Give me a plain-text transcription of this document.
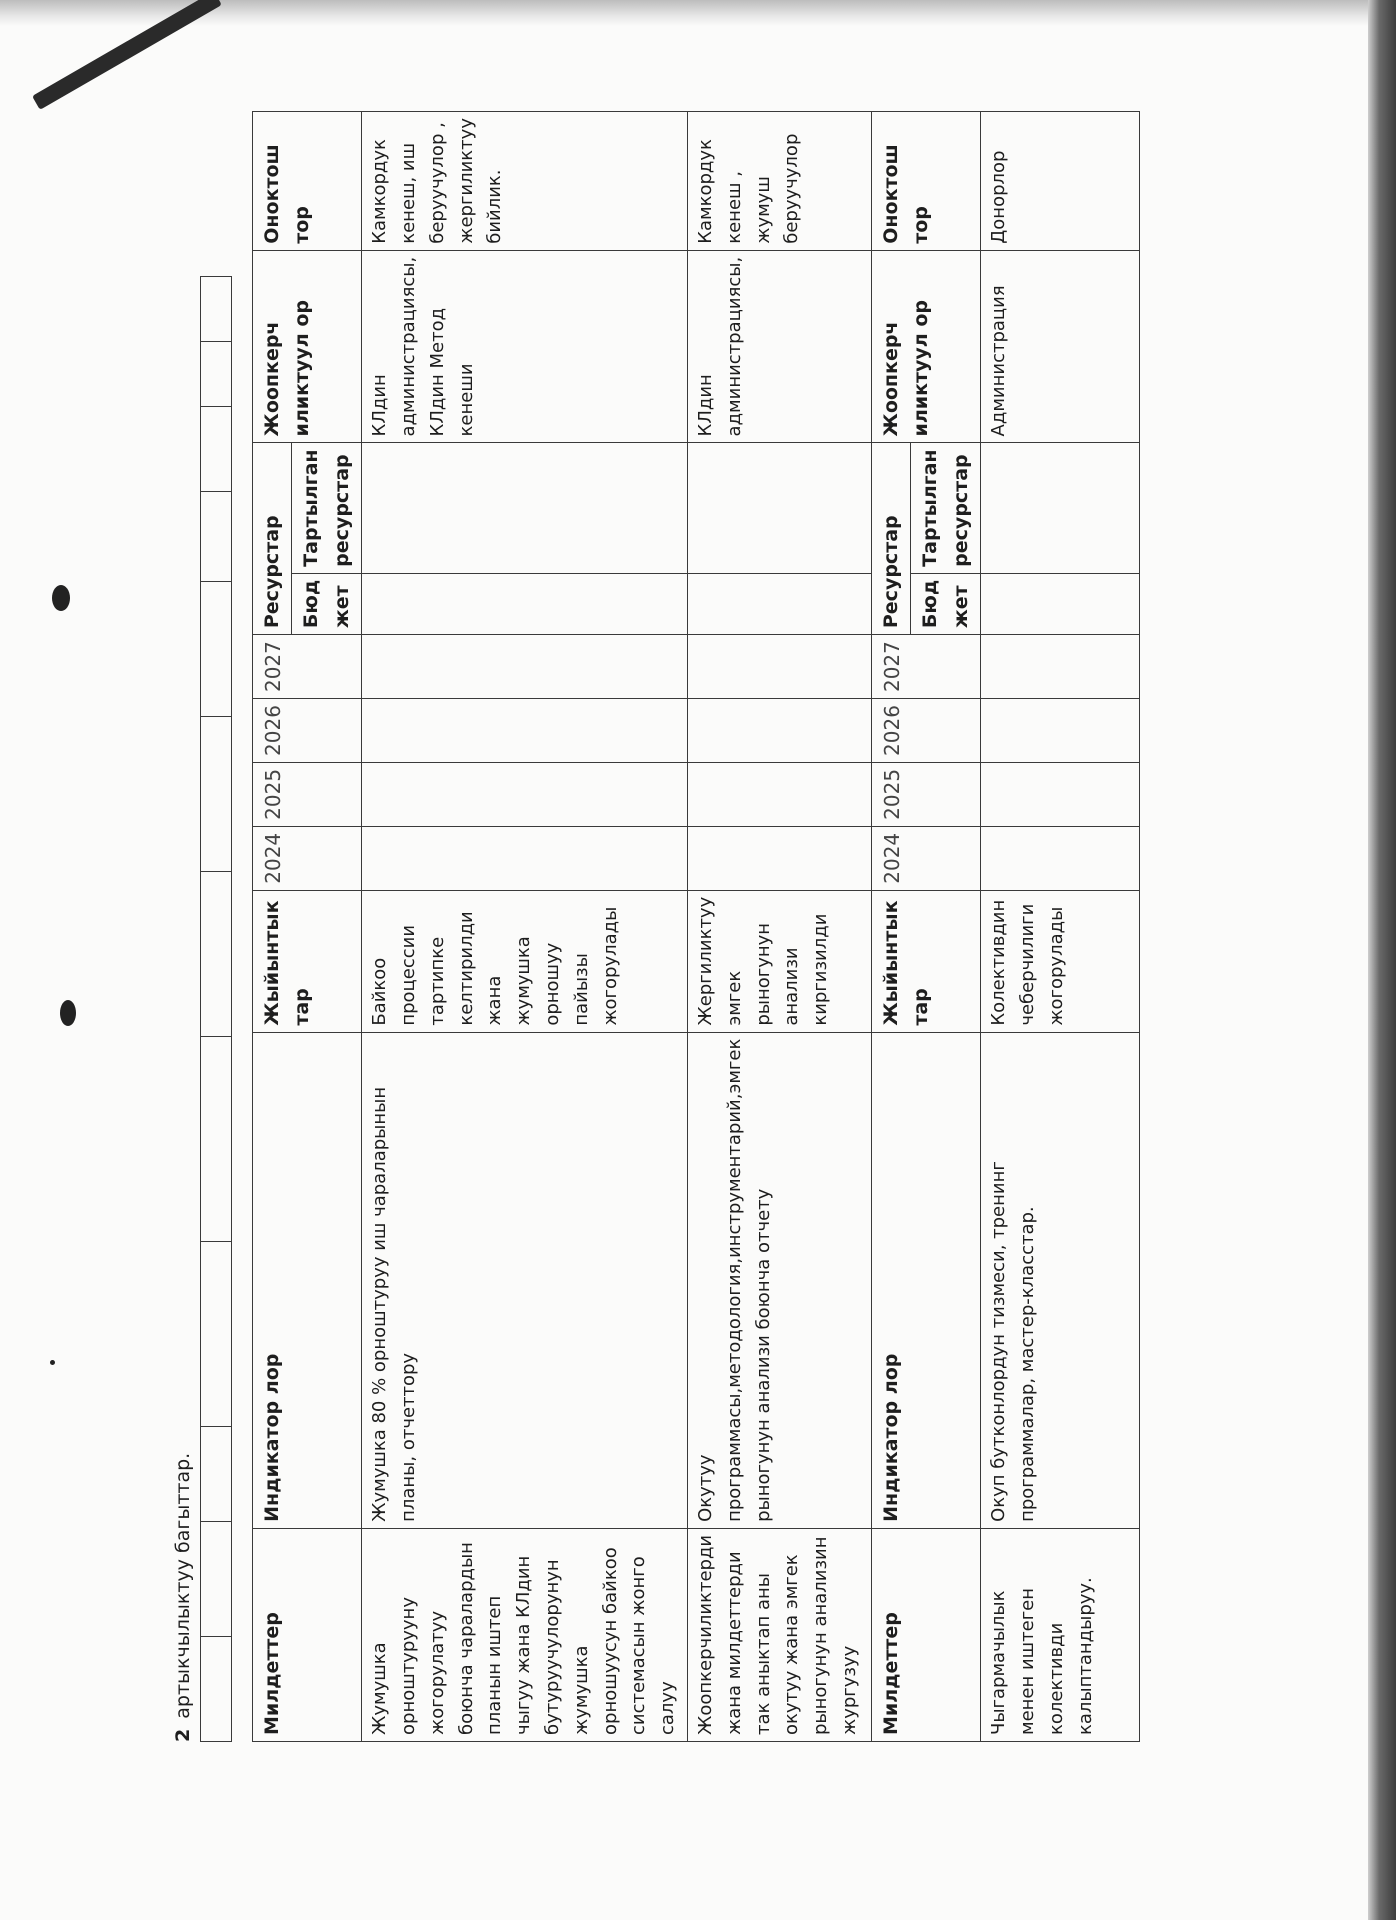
2 артыкчылыктуу багыттар.
												Милдеттер	Индикатор лор	Жыйынтык тар	2024	2025	2026	2027	Ресурстар		Жоопкерч иликтуул ор	Оноктош тор
							Бюд жет	Тартылган ресурстар		
Жумушка орноштурууну жогорулатуу боюнча чаралардын планын иштеп чыгуу жана КЛдин бутуруучулорунун жумушка орношуусун байкоо системасын жонго салуу	Жумушка 80 % орноштуруу иш чараларынын планы, отчеттору	Байкоо процессии тартипке келтирилди жана жумушка орношуу пайызы жогорулады							КЛдин администрациясы, КЛдин Метод кенеши	Камкордук кенеш, иш беруучулор , жергиликтуу бийлик.
Жоопкерчиликтерди жана милдеттерди так аныктап аны окутуу жана эмгек рыногунун анализин жургузуу	Окутуу программасы,методология,инструментарий,эмгек рыногунун анализи боюнча отчету	Жергиликтуу эмгек рыногунун анализи киргизилди							КЛдин администрациясы,	Камкордук кенеш , жумуш беруучулор
Милдеттер	Индикатор лор	Жыйынтык тар	2024	2025	2026	2027	Ресурстар		Жоопкерч иликтуул ор	Оноктош тор
							Бюд жет	Тартылган ресурстар		
Чыгармачылык менен иштеген колективди калыптандыруу.	Окуп бутконлордун тизмеси, тренинг программалар, мастер-класстар.	Колективдин чеберчилиги жогорулады							Администрация	Донорлор
